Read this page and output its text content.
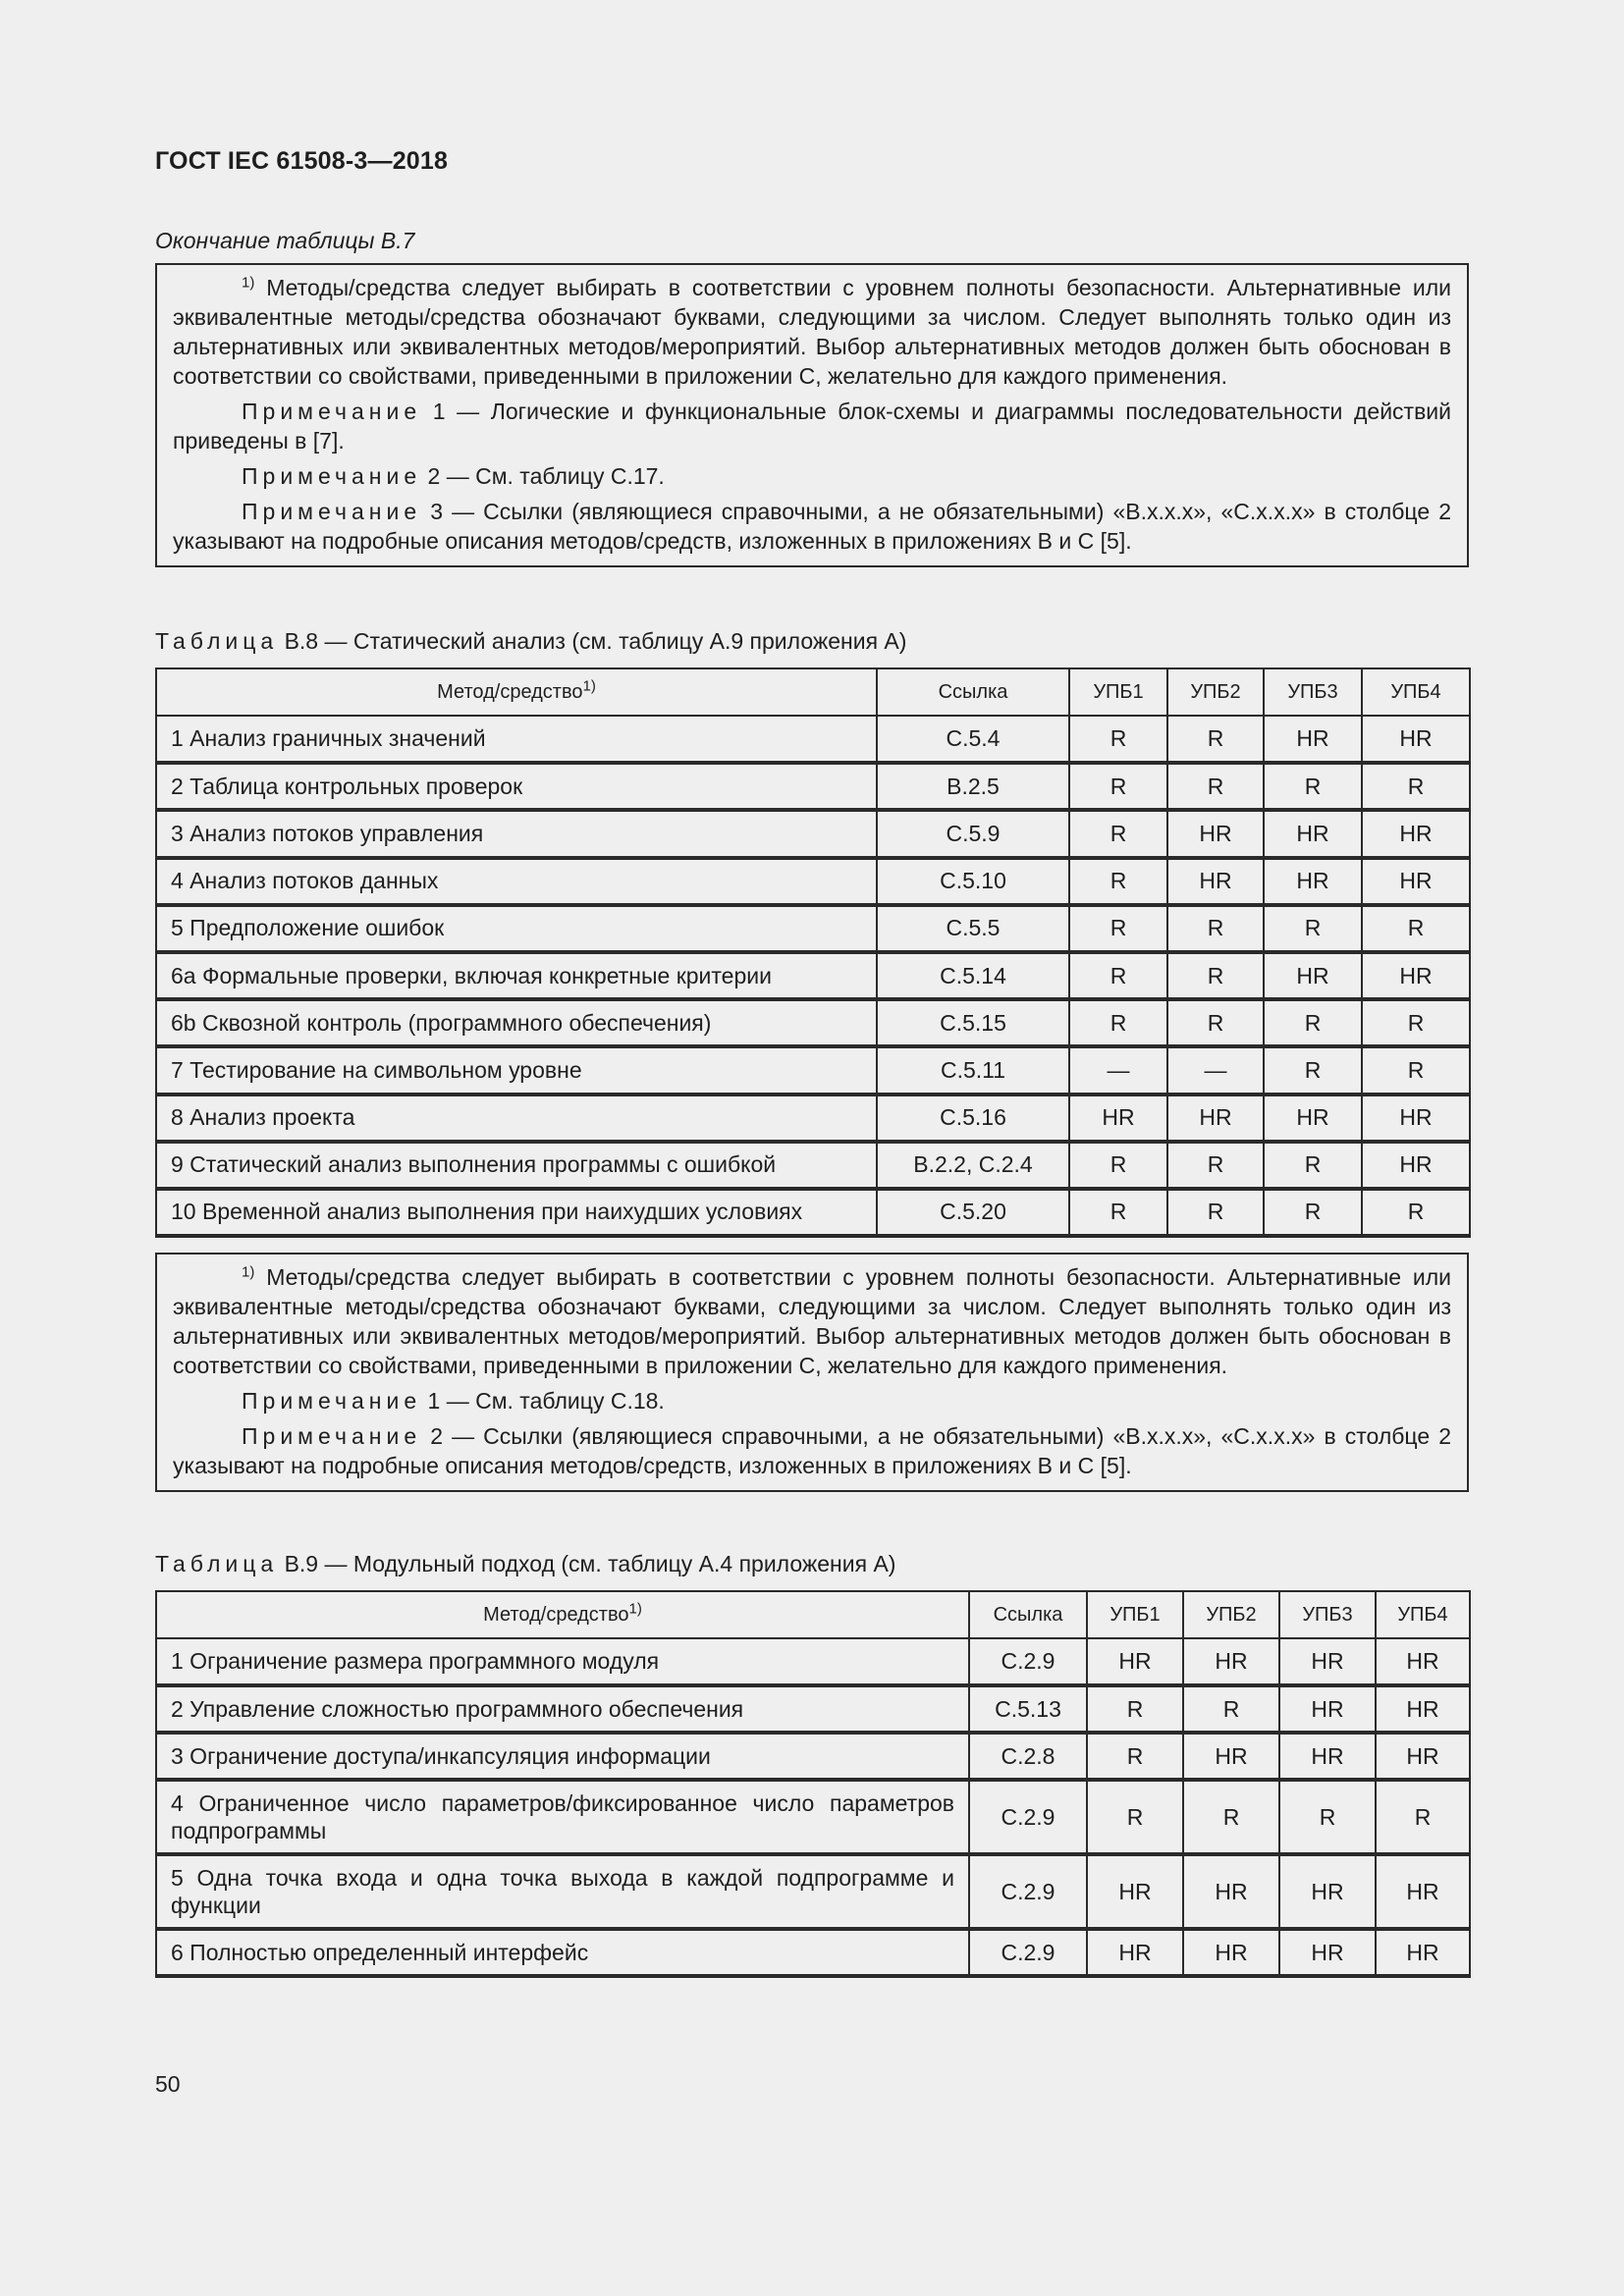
ГОСТ IEC 61508-3—2018
Окончание таблицы В.7

$^{1)}$ Методы/средства следует выбирать в соответствии с уровнем полноты безопасности. Альтернативные или эквивалентные методы/средства обозначают буквами, следующими за числом. Следует выполнять только один из альтернативных или эквивалентных методов/мероприятий. Выбор альтернативных методов должен быть обоснован в соответствии со свойствами, приведенными в приложении С, желательно для каждого применения.

Примечание 1 — Логические и функциональные блок-схемы и диаграммы последовательности действий приведены в [7].

Примечание 2 — См. таблицу С.17.

Примечание 3 — Ссылки (являющиеся справочными, а не обязательными) «В.х.х.х», «С.х.х.х» в столбце 2 указывают на подробные описания методов/средств, изложенных в приложениях В и С [5].

Таблица В.8 — Статический анализ (см. таблицу А.9 приложения А)
Метод/средство$^{1)}$	Ссылка	УПБ1	УПБ2	УПБ3	УПБ4
1 Анализ граничных значений	С.5.4	R	R	HR	HR
2 Таблица контрольных проверок	В.2.5	R	R	R	R
3 Анализ потоков управления	С.5.9	R	HR	HR	HR
4 Анализ потоков данных	С.5.10	R	HR	HR	HR
5 Предположение ошибок	С.5.5	R	R	R	R
6a Формальные проверки, включая конкретные критерии	С.5.14	R	R	HR	HR
6b Сквозной контроль (программного обеспечения)	С.5.15	R	R	R	R
7 Тестирование на символьном уровне	С.5.11	—	—	R	R
8 Анализ проекта	С.5.16	HR	HR	HR	HR
9 Статический анализ выполнения программы с ошибкой	В.2.2, С.2.4	R	R	R	HR
10 Временной анализ выполнения при наихудших условиях	С.5.20	R	R	R	R

$^{1)}$ Методы/средства следует выбирать в соответствии с уровнем полноты безопасности. Альтернативные или эквивалентные методы/средства обозначают буквами, следующими за числом. Следует выполнять только один из альтернативных или эквивалентных методов/мероприятий. Выбор альтернативных методов должен быть обоснован в соответствии со свойствами, приведенными в приложении С, желательно для каждого применения.

Примечание 1 — См. таблицу С.18.

Примечание 2 — Ссылки (являющиеся справочными, а не обязательными) «В.х.х.х», «С.х.х.х» в столбце 2 указывают на подробные описания методов/средств, изложенных в приложениях В и С [5].

Таблица В.9 — Модульный подход (см. таблицу А.4 приложения А)
Метод/средство$^{1)}$	Ссылка	УПБ1	УПБ2	УПБ3	УПБ4
1 Ограничение размера программного модуля	С.2.9	HR	HR	HR	HR
2 Управление сложностью программного обеспечения	С.5.13	R	R	HR	HR
3 Ограничение доступа/инкапсуляция информации	С.2.8	R	HR	HR	HR
4 Ограниченное число параметров/фиксированное число параметров подпрограммы	С.2.9	R	R	R	R
5 Одна точка входа и одна точка выхода в каждой подпрограмме и функции	С.2.9	HR	HR	HR	HR
6 Полностью определенный интерфейс	С.2.9	HR	HR	HR	HR
50
